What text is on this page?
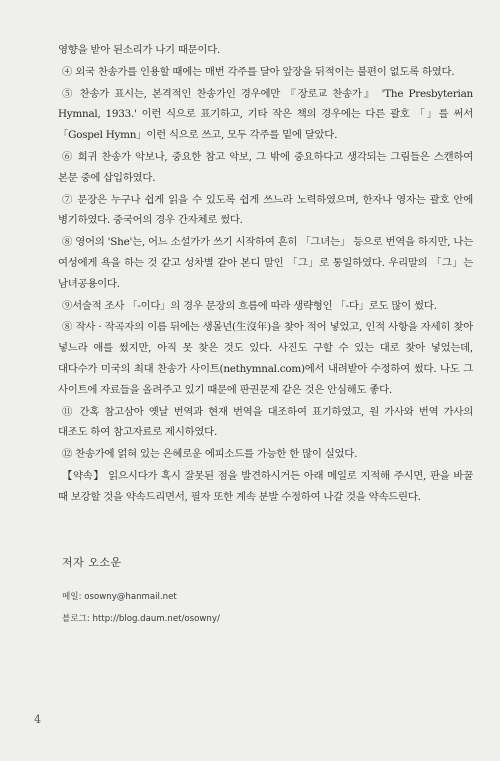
영향을 받아 된소리가 나기 때문이다.

④ 외국 찬송가를 인용할 때에는 매번 각주를 달아 앞장을 뒤적이는 불편이 없도록 하였다.

⑤ 찬송가 표시는, 본격적인 찬송가인 경우에만 『장로교 찬송가』 'The Presbyterian Hymnal, 1933.' 이런 식으로 표기하고, 기타 작은 책의 경우에는 다른 괄호 「」를 써서 「Gospel Hymn」이런 식으로 쓰고, 모두 각주를 밑에 달았다.

⑥ 희귀 찬송가 악보나, 중요한 참고 악보, 그 밖에 중요하다고 생각되는 그림들은 스캔하여 본문 중에 삽입하였다.

⑦ 문장은 누구나 쉽게 읽을 수 있도록 쉽게 쓰느라 노력하였으며, 한자나 영자는 괄호 안에 병기하였다. 중국어의 경우 간자체로 썼다.

⑧ 영어의 'She'는, 어느 소설가가 쓰기 시작하여 흔히 「그녀는」 등으로 번역을 하지만, 나는 여성에게 욕을 하는 것 같고 성차별 같아 본디 말인 「그」로 통일하였다. 우리말의 「그」는 남녀공용이다.

⑨서술적 조사 「-이다」의 경우 문장의 흐름에 따라 생략형인 「-다」로도 많이 썼다.

⑧ 작사 · 작곡자의 이름 뒤에는 생몰년(生沒年)을 찾아 적어 넣었고, 인적 사항을 자세히 찾아 넣느라 애를 썼지만, 아직 못 찾은 것도 있다. 사진도 구할 수 있는 대로 찾아 넣었는데, 대다수가 미국의 최대 찬송가 사이트(nethymnal.com)에서 내려받아 수정하여 썼다. 나도 그 사이트에 자료들을 올려주고 있기 때문에 판권문제 같은 것은 안심해도 좋다.

⑪ 간혹 참고삼아 옛날 번역과 현재 번역을 대조하여 표기하였고, 원 가사와 번역 가사의 대조도 하여 참고자료로 제시하였다.

⑫ 찬송가에 얽혀 있는 은혜로운 에피소드를 가능한 한 많이 실었다.

【약속】 읽으시다가 혹시 잘못된 점을 발견하시거든 아래 메일로 지적해 주시면, 판을 바꿀 때 보강할 것을 약속드리면서, 필자 또한 계속 분발 수정하여 나갈 것을 약속드린다.

저자 오소운
메일: osowny@hanmail.net
블로그: http://blog.daum.net/osowny/
4
